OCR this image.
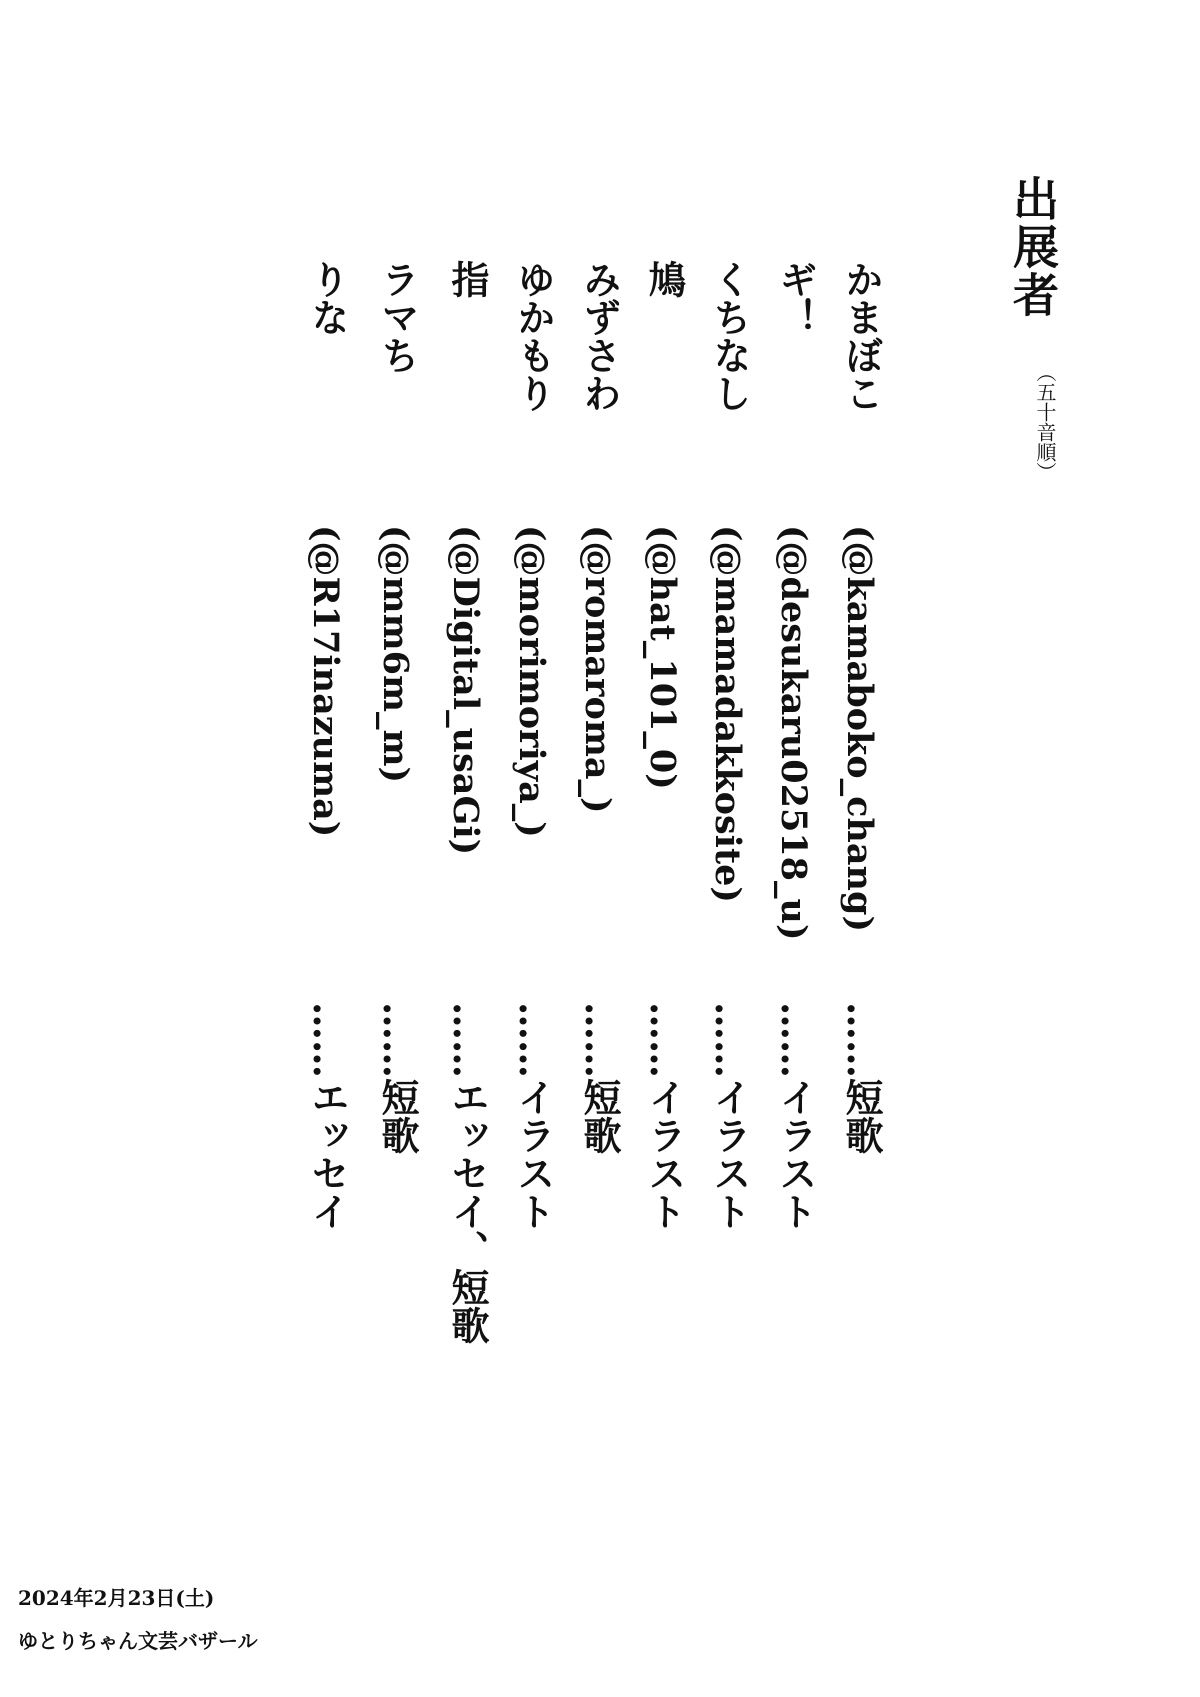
出展者
（五十音順）
かまぼこ
(@kamaboko_chang)
……短歌
ギ！
(@desukaru02518_u)
……イラスト
くちなし
(@mamadakkosite)
……イラスト
鳩
(@hat_101_0)
……イラスト
みずさわ
(@romaroma_)
……短歌
ゆかもり
(@morimoriya_)
……イラスト
指
(@Digital_usaGi)
……エッセイ、短歌
ラマち
(@mm6m_m)
……短歌
りな
(@R17inazuma)
……エッセイ
2024年2月23日(土)
ゆとりちゃん文芸バザール
